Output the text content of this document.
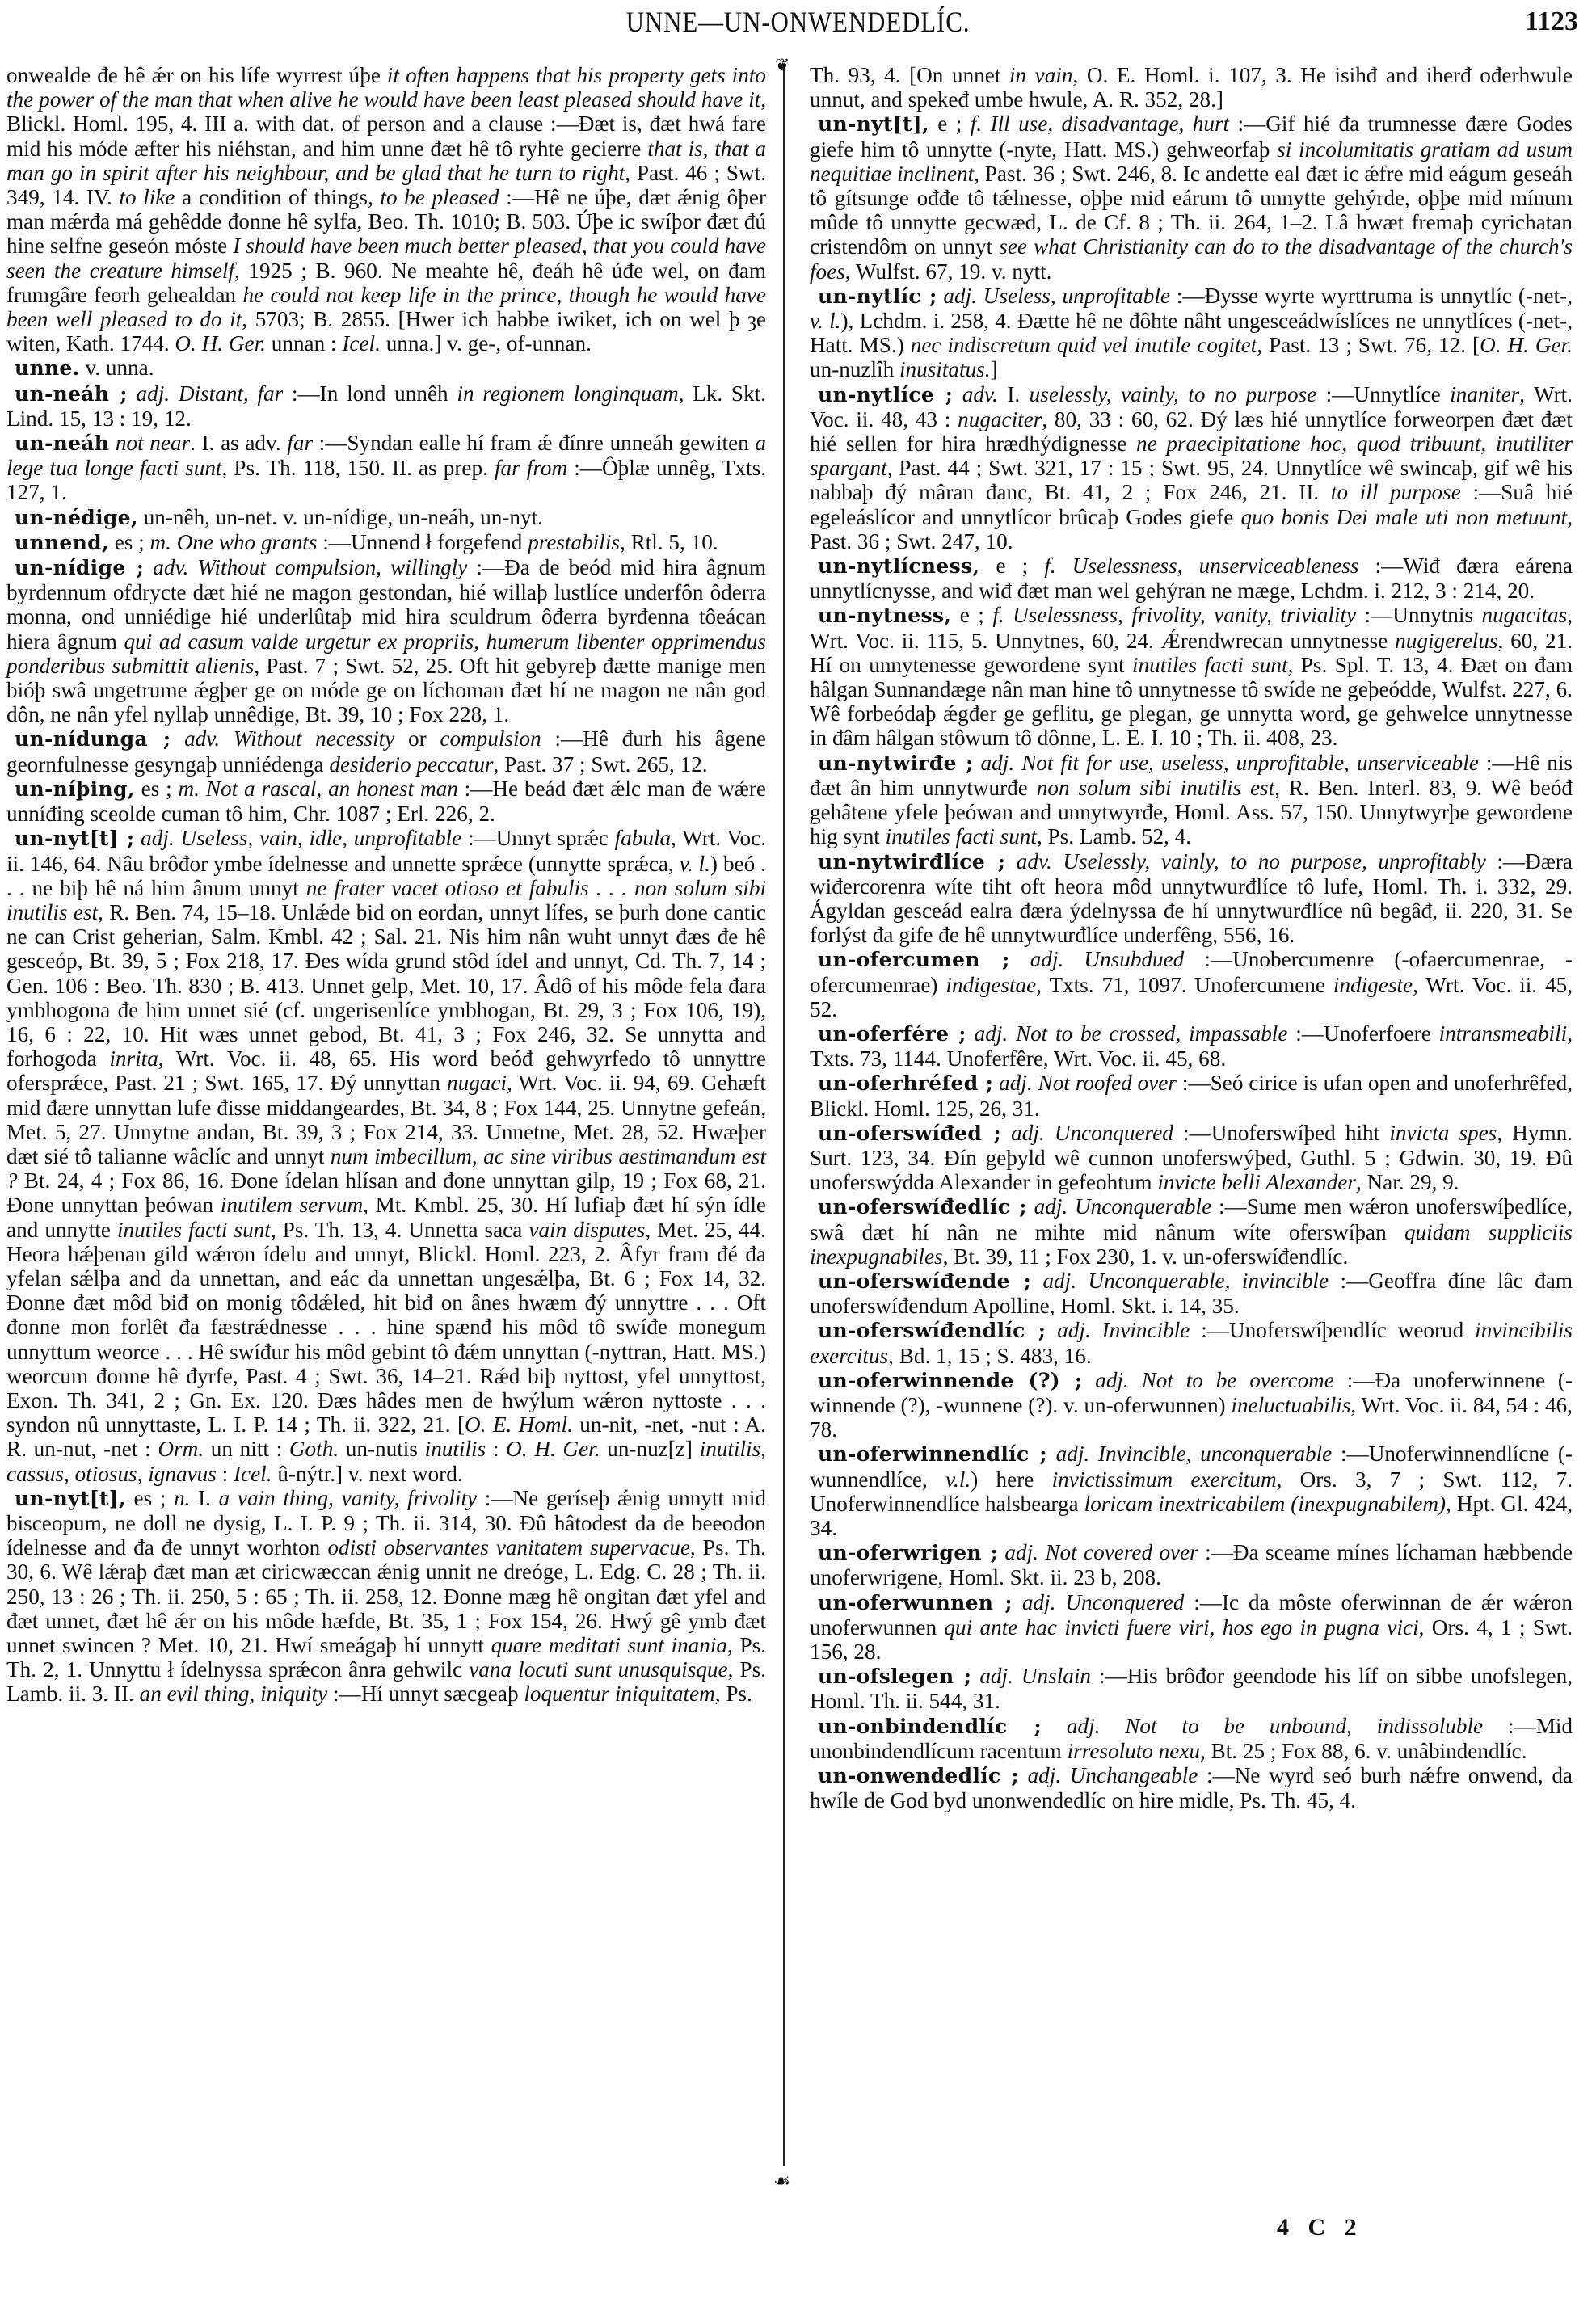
UNNE—UN-ONWENDEDLÍC.	1123
❦
☙

onwealde đe hê ǽr on his lífe wyrrest úþe it often happens that his property gets into the power of the man that when alive he would have been least pleased should have it, Blickl. Homl. 195, 4. III a. with dat. of person and a clause :—Đæt is, đæt hwá fare mid his móde æfter his niéhstan, and him unne đæt hê tô ryhte gecierre that is, that a man go in spirit after his neighbour, and be glad that he turn to right, Past. 46 ; Swt. 349, 14. IV. to like a condition of things, to be pleased :—Hê ne úþe, đæt ǽnig ôþer man mǽrđa má gehêdde đonne hê sylfa, Beo. Th. 1010; B. 503. Úþe ic swíþor đæt đú hine selfne geseón móste I should have been much better pleased, that you could have seen the creature himself, 1925 ; B. 960. Ne meahte hê, đeáh hê úđe wel, on đam frumgâre feorh gehealdan he could not keep life in the prince, though he would have been well pleased to do it, 5703; B. 2855. [Hwer ich habbe iwiket, ich on wel þ ȝe witen, Kath. 1744. O. H. Ger. unnan : Icel. unna.] v. ge-, of-unnan.

unne. v. unna.

un-neáh ; adj. Distant, far :—In lond unnêh in regionem longinquam, Lk. Skt. Lind. 15, 13 : 19, 12.

un-neáh not near. I. as adv. far :—Syndan ealle hí fram ǽ đínre unneáh gewiten a lege tua longe facti sunt, Ps. Th. 118, 150. II. as prep. far from :—Ôþlæ unnêg, Txts. 127, 1.

un-nédige, un-nêh, un-net. v. un-nídige, un-neáh, un-nyt.

unnend, es ; m. One who grants :—Unnend ł forgefend prestabilis, Rtl. 5, 10.

un-nídige ; adv. Without compulsion, willingly :—Đa đe beóđ mid hira âgnum byrđennum ofđrycte đæt hié ne magon gestondan, hié willaþ lustlíce underfôn ôđerra monna, ond unniédige hié underlûtaþ mid hira sculdrum ôđerra byrđenna tôeácan hiera âgnum qui ad casum valde urgetur ex propriis, humerum libenter opprimendus ponderibus submittit alienis, Past. 7 ; Swt. 52, 25. Oft hit gebyreþ đætte manige men bióþ swâ ungetrume ǽgþer ge on móde ge on líchoman đæt hí ne magon ne nân god dôn, ne nân yfel nyllaþ unnêdige, Bt. 39, 10 ; Fox 228, 1.

un-nídunga ; adv. Without necessity or compulsion :—Hê đurh his âgene geornfulnesse gesyngaþ unniédenga desiderio peccatur, Past. 37 ; Swt. 265, 12.

un-níþing, es ; m. Not a rascal, an honest man :—He beád đæt ǽlc man đe wǽre unníđing sceolde cuman tô him, Chr. 1087 ; Erl. 226, 2.

un-nyt[t] ; adj. Useless, vain, idle, unprofitable :—Unnyt sprǽc fabula, Wrt. Voc. ii. 146, 64. Nâu brôđor ymbe ídelnesse and unnette sprǽce (unnytte sprǽca, v. l.) beó . . . ne biþ hê ná him ânum unnyt ne frater vacet otioso et fabulis . . . non solum sibi inutilis est, R. Ben. 74, 15–18. Unlǽde biđ on eorđan, unnyt lífes, se þurh đone cantic ne can Crist geherian, Salm. Kmbl. 42 ; Sal. 21. Nis him nân wuht unnyt đæs đe hê gesceóp, Bt. 39, 5 ; Fox 218, 17. Đes wída grund stôd ídel and unnyt, Cd. Th. 7, 14 ; Gen. 106 : Beo. Th. 830 ; B. 413. Unnet gelp, Met. 10, 17. Âdô of his môde fela đara ymbhogona đe him unnet sié (cf. ungerisenlíce ymbhogan, Bt. 29, 3 ; Fox 106, 19), 16, 6 : 22, 10. Hit wæs unnet gebod, Bt. 41, 3 ; Fox 246, 32. Se unnytta and forhogoda inrita, Wrt. Voc. ii. 48, 65. His word beóđ gehwyrfedo tô unnyttre ofersprǽce, Past. 21 ; Swt. 165, 17. Đý unnyttan nugaci, Wrt. Voc. ii. 94, 69. Gehæft mid đære unnyttan lufe đisse middangeardes, Bt. 34, 8 ; Fox 144, 25. Unnytne gefeán, Met. 5, 27. Unnytne andan, Bt. 39, 3 ; Fox 214, 33. Unnetne, Met. 28, 52. Hwæþer đæt sié tô talianne wâclíc and unnyt num imbecillum, ac sine viribus aestimandum est ? Bt. 24, 4 ; Fox 86, 16. Đone ídelan hlísan and đone unnyttan gilp, 19 ; Fox 68, 21. Đone unnyttan þeówan inutilem servum, Mt. Kmbl. 25, 30. Hí lufiaþ đæt hí sýn ídle and unnytte inutiles facti sunt, Ps. Th. 13, 4. Unnetta saca vain disputes, Met. 25, 44. Heora hǽþenan gild wǽron ídelu and unnyt, Blickl. Homl. 223, 2. Âfyr fram đé đa yfelan sǽlþa and đa unnettan, and eác đa unnettan ungesǽlþa, Bt. 6 ; Fox 14, 32. Đonne đæt môd biđ on monig tôdǽled, hit biđ on ânes hwæm đý unnyttre . . . Oft đonne mon forlêt đa fæstrǽdnesse . . . hine spænđ his môd tô swíđe monegum unnyttum weorce . . . Hê swíđur his môd gebint tô đǽm unnyttan (-nyttran, Hatt. MS.) weorcum đonne hê đyrfe, Past. 4 ; Swt. 36, 14–21. Rǽd biþ nyttost, yfel unnyttost, Exon. Th. 341, 2 ; Gn. Ex. 120. Đæs hâdes men đe hwýlum wǽron nyttoste . . . syndon nû unnyttaste, L. I. P. 14 ; Th. ii. 322, 21. [O. E. Homl. un-nit, -net, -nut : A. R. un-nut, -net : Orm. un nitt : Goth. un-nutis inutilis : O. H. Ger. un-nuz[z] inutilis, cassus, otiosus, ignavus : Icel. û-nýtr.] v. next word.

un-nyt[t], es ; n. I. a vain thing, vanity, frivolity :—Ne geríseþ ǽnig unnytt mid bisceopum, ne doll ne dysig, L. I. P. 9 ; Th. ii. 314, 30. Đû hâtodest đa đe beeodon ídelnesse and đa đe unnyt worhton odisti observantes vanitatem supervacue, Ps. Th. 30, 6. Wê lǽraþ đæt man æt ciricwæccan ǽnig unnit ne dreóge, L. Edg. C. 28 ; Th. ii. 250, 13 : 26 ; Th. ii. 250, 5 : 65 ; Th. ii. 258, 12. Đonne mæg hê ongitan đæt yfel and đæt unnet, đæt hê ǽr on his môde hæfde, Bt. 35, 1 ; Fox 154, 26. Hwý gê ymb đæt unnet swincen ? Met. 10, 21. Hwí smeágaþ hí unnytt quare meditati sunt inania, Ps. Th. 2, 1. Unnyttu ł ídelnyssa sprǽcon ânra gehwilc vana locuti sunt unusquisque, Ps. Lamb. ii. 3. II. an evil thing, iniquity :—Hí unnyt sæcgeaþ loquentur iniquitatem, Ps.

Th. 93, 4. [On unnet in vain, O. E. Homl. i. 107, 3. He isihđ and iherđ ođerhwule unnut, and spekeđ umbe hwule, A. R. 352, 28.]

un-nyt[t], e ; f. Ill use, disadvantage, hurt :—Gif hié đa trumnesse đære Godes giefe him tô unnytte (-nyte, Hatt. MS.) gehweorfaþ si incolumitatis gratiam ad usum nequitiae inclinent, Past. 36 ; Swt. 246, 8. Ic andette eal đæt ic ǽfre mid eágum geseáh tô gítsunge ođđe tô tǽlnesse, oþþe mid eárum tô unnytte gehýrde, oþþe mid mínum mûđe tô unnytte gecwæđ, L. de Cf. 8 ; Th. ii. 264, 1–2. Lâ hwæt fremaþ cyrichatan cristendôm on unnyt see what Christianity can do to the disadvantage of the church's foes, Wulfst. 67, 19. v. nytt.

un-nytlíc ; adj. Useless, unprofitable :—Đysse wyrte wyrttruma is unnytlíc (-net-, v. l.), Lchdm. i. 258, 4. Đætte hê ne đôhte nâht ungesceádwíslíces ne unnytlíces (-net-, Hatt. MS.) nec indiscretum quid vel inutile cogitet, Past. 13 ; Swt. 76, 12. [O. H. Ger. un-nuzlîh inusitatus.]

un-nytlíce ; adv. I. uselessly, vainly, to no purpose :—Unnytlíce inaniter, Wrt. Voc. ii. 48, 43 : nugaciter, 80, 33 : 60, 62. Đý læs hié unnytlíce forweorpen đæt đæt hié sellen for hira hrædhýdignesse ne praecipitatione hoc, quod tribuunt, inutiliter spargant, Past. 44 ; Swt. 321, 17 : 15 ; Swt. 95, 24. Unnytlíce wê swincaþ, gif wê his nabbaþ đý mâran đanc, Bt. 41, 2 ; Fox 246, 21. II. to ill purpose :—Suâ hié egeleáslícor and unnytlícor brûcaþ Godes giefe quo bonis Dei male uti non metuunt, Past. 36 ; Swt. 247, 10.

un-nytlícness, e ; f. Uselessness, unserviceableness :—Wiđ đæra eárena unnytlícnysse, and wiđ đæt man wel gehýran ne mæge, Lchdm. i. 212, 3 : 214, 20.

un-nytness, e ; f. Uselessness, frivolity, vanity, triviality :—Unnytnis nugacitas, Wrt. Voc. ii. 115, 5. Unnytnes, 60, 24. Ǽrendwrecan unnytnesse nugigerelus, 60, 21. Hí on unnytenesse gewordene synt inutiles facti sunt, Ps. Spl. T. 13, 4. Đæt on đam hâlgan Sunnandæge nân man hine tô unnytnesse tô swíđe ne geþeódde, Wulfst. 227, 6. Wê forbeódaþ ǽgđer ge geflitu, ge plegan, ge unnytta word, ge gehwelce unnytnesse in đâm hâlgan stôwum tô dônne, L. E. I. 10 ; Th. ii. 408, 23.

un-nytwirđe ; adj. Not fit for use, useless, unprofitable, unserviceable :—Hê nis đæt ân him unnytwurđe non solum sibi inutilis est, R. Ben. Interl. 83, 9. Wê beóđ gehâtene yfele þeówan and unnytwyrđe, Homl. Ass. 57, 150. Unnytwyrþe gewordene hig synt inutiles facti sunt, Ps. Lamb. 52, 4.

un-nytwirđlíce ; adv. Uselessly, vainly, to no purpose, unprofitably :—Đæra wiđercorenra wíte tiht oft heora môd unnytwurđlíce tô lufe, Homl. Th. i. 332, 29. Ágyldan gesceád ealra đæra ýdelnyssa đe hí unnytwurđlíce nû begâđ, ii. 220, 31. Se forlýst đa gife đe hê unnytwurđlíce underfêng, 556, 16.

un-ofercumen ; adj. Unsubdued :—Unobercumenre (-ofaercumenrae, -ofercumenrae) indigestae, Txts. 71, 1097. Unofercumene indigeste, Wrt. Voc. ii. 45, 52.

un-oferfére ; adj. Not to be crossed, impassable :—Unoferfoere intransmeabili, Txts. 73, 1144. Unoferfêre, Wrt. Voc. ii. 45, 68.

un-oferhréfed ; adj. Not roofed over :—Seó cirice is ufan open and unoferhrêfed, Blickl. Homl. 125, 26, 31.

un-oferswíđed ; adj. Unconquered :—Unoferswíþed hiht invicta spes, Hymn. Surt. 123, 34. Đín geþyld wê cunnon unoferswýþed, Guthl. 5 ; Gdwin. 30, 19. Đû unoferswýđda Alexander in gefeohtum invicte belli Alexander, Nar. 29, 9.

un-oferswíđedlíc ; adj. Unconquerable :—Sume men wǽron unoferswíþedlíce, swâ đæt hí nân ne mihte mid nânum wíte oferswíþan quidam suppliciis inexpugnabiles, Bt. 39, 11 ; Fox 230, 1. v. un-oferswíđendlíc.

un-oferswíđende ; adj. Unconquerable, invincible :—Geoffra đíne lâc đam unoferswíđendum Apolline, Homl. Skt. i. 14, 35.

un-oferswíđendlíc ; adj. Invincible :—Unoferswíþendlíc weorud invincibilis exercitus, Bd. 1, 15 ; S. 483, 16.

un-oferwinnende (?) ; adj. Not to be overcome :—Đa unoferwinnene (-winnende (?), -wunnene (?). v. un-oferwunnen) ineluctuabilis, Wrt. Voc. ii. 84, 54 : 46, 78.

un-oferwinnendlíc ; adj. Invincible, unconquerable :—Unoferwinnendlícne (-wunnendlíce, v.l.) here invictissimum exercitum, Ors. 3, 7 ; Swt. 112, 7. Unoferwinnendlíce halsbearga loricam inextricabilem (inexpugnabilem), Hpt. Gl. 424, 34.

un-oferwrigen ; adj. Not covered over :—Đa sceame mínes líchaman hæbbende unoferwrigene, Homl. Skt. ii. 23 b, 208.

un-oferwunnen ; adj. Unconquered :—Ic đa môste oferwinnan đe ǽr wǽron unoferwunnen qui ante hac invicti fuere viri, hos ego in pugna vici, Ors. 4, 1 ; Swt. 156, 28.

un-ofslegen ; adj. Unslain :—His brôđor geendode his líf on sibbe unofslegen, Homl. Th. ii. 544, 31.

un-onbindendlíc ; adj. Not to be unbound, indissoluble :—Mid unonbindendlícum racentum irresoluto nexu, Bt. 25 ; Fox 88, 6. v. unâbindendlíc.

un-onwendedlíc ; adj. Unchangeable :—Ne wyrđ seó burh nǽfre onwend, đa hwíle đe God byđ unonwendedlíc on hire midle, Ps. Th. 45, 4.

4 C 2
